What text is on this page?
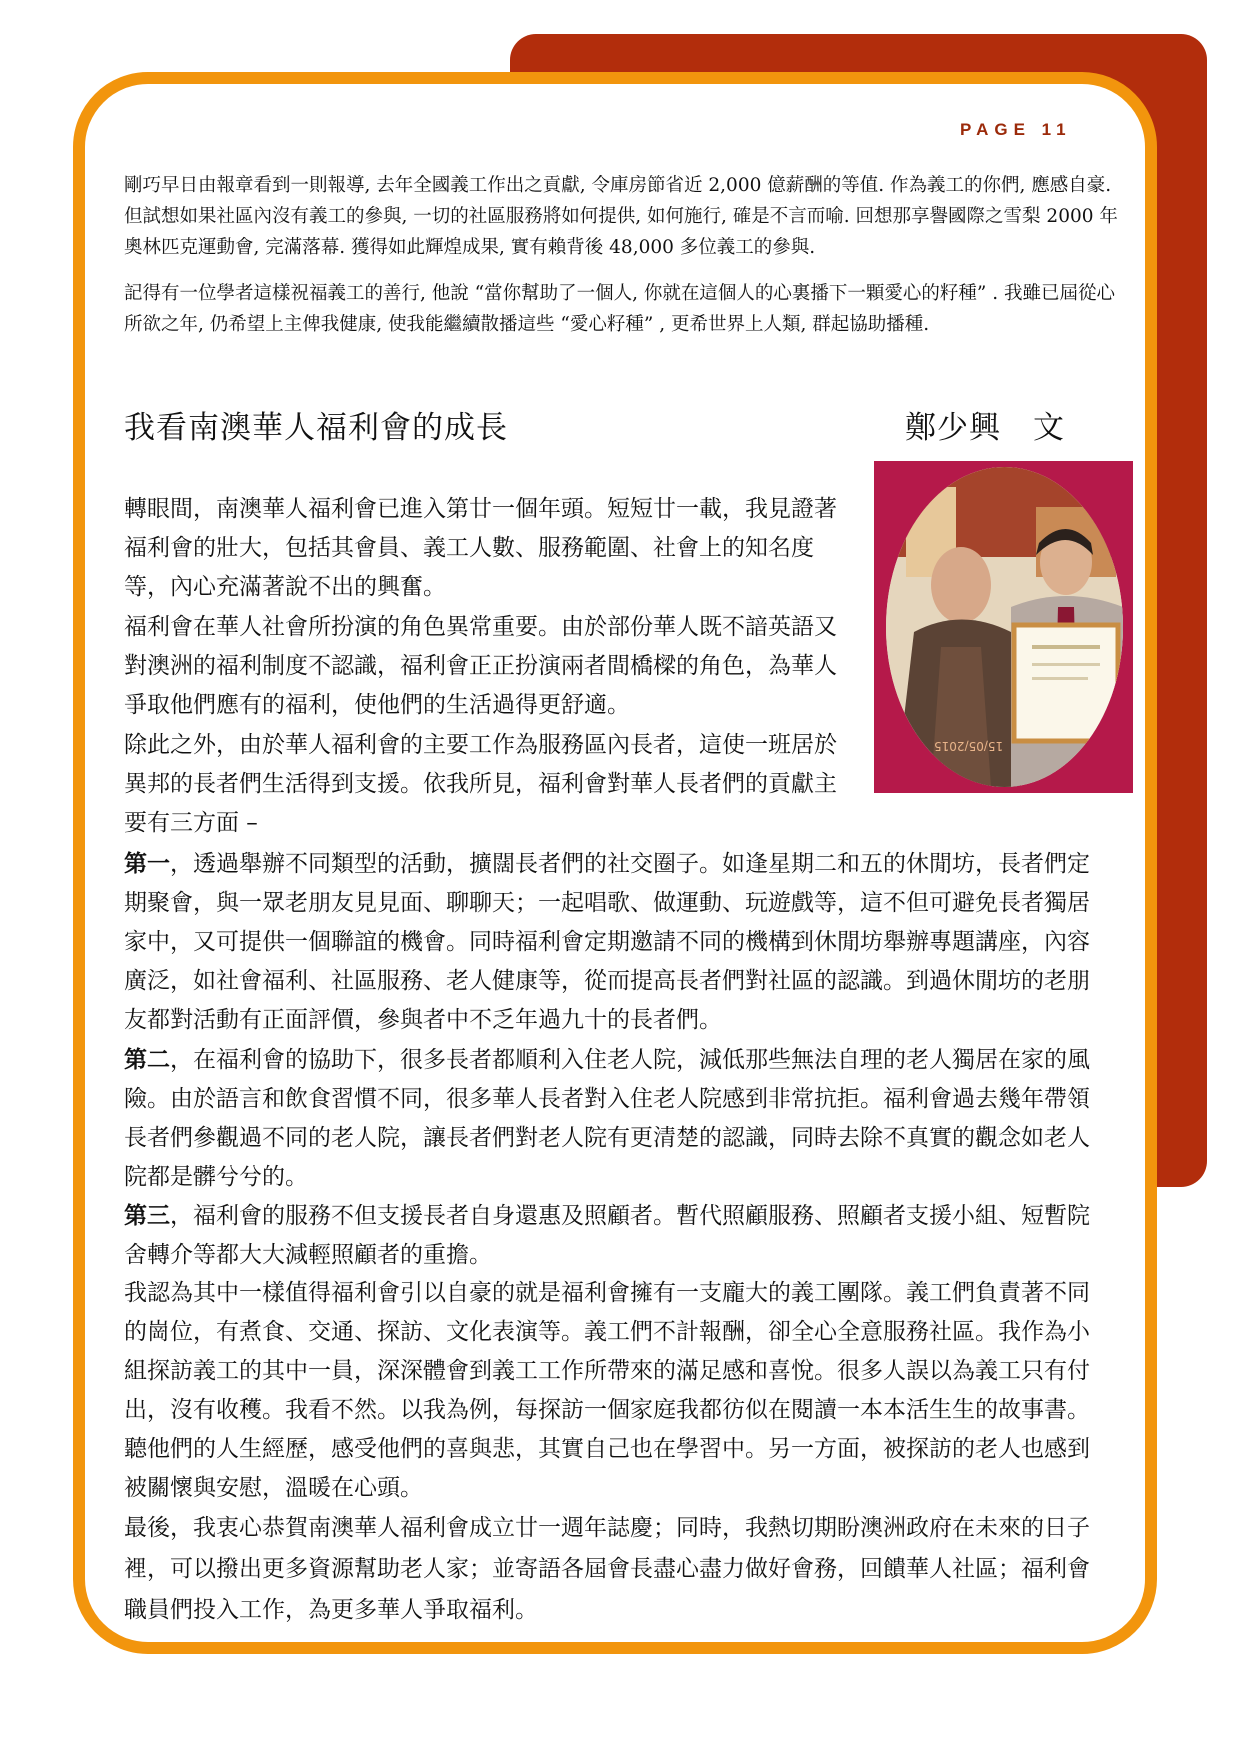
PAGE 11

剛巧早日由報章看到一則報導, 去年全國義工作出之貢獻, 令庫房節省近 2,000 億薪酬的等值. 作為義工的你們, 應感自豪. 但試想如果社區內沒有義工的參與, 一切的社區服務將如何提供, 如何施行, 確是不言而喻. 回想那享譽國際之雪梨 2000 年奧林匹克運動會, 完滿落幕. 獲得如此輝煌成果, 實有賴背後 48,000 多位義工的參與.

記得有一位學者這樣祝福義工的善行, 他說 “當你幫助了一個人, 你就在這個人的心裏播下一顆愛心的籽種” . 我雖已屆從心所欲之年, 仍希望上主俾我健康, 使我能繼續散播這些 “愛心籽種” , 更希世界上人類, 群起協助播種.

我看南澳華人福利會的成長	鄭少興　文
15/05/2015

轉眼間，南澳華人福利會已進入第廿一個年頭。短短廿一載，我見證著福利會的壯大，包括其會員、義工人數、服務範圍、社會上的知名度等，內心充滿著說不出的興奮。

福利會在華人社會所扮演的角色異常重要。由於部份華人既不諳英語又對澳洲的福利制度不認識，福利會正正扮演兩者間橋樑的角色，為華人爭取他們應有的福利，使他們的生活過得更舒適。

除此之外，由於華人福利會的主要工作為服務區內長者，這使一班居於異邦的長者們生活得到支援。依我所見，福利會對華人長者們的貢獻主要有三方面 –

第一，透過舉辦不同類型的活動，擴闊長者們的社交圈子。如逢星期二和五的休閒坊，長者們定期聚會，與一眾老朋友見見面、聊聊天；一起唱歌、做運動、玩遊戲等，這不但可避免長者獨居家中，又可提供一個聯誼的機會。同時福利會定期邀請不同的機構到休閒坊舉辦專題講座，內容廣泛，如社會福利、社區服務、老人健康等，從而提高長者們對社區的認識。到過休閒坊的老朋友都對活動有正面評價，參與者中不乏年過九十的長者們。

第二，在福利會的協助下，很多長者都順利入住老人院，減低那些無法自理的老人獨居在家的風險。由於語言和飲食習慣不同，很多華人長者對入住老人院感到非常抗拒。福利會過去幾年帶領長者們參觀過不同的老人院，讓長者們對老人院有更清楚的認識，同時去除不真實的觀念如老人院都是髒兮兮的。

第三，福利會的服務不但支援長者自身還惠及照顧者。暫代照顧服務、照顧者支援小組、短暫院舍轉介等都大大減輕照顧者的重擔。

我認為其中一樣值得福利會引以自豪的就是福利會擁有一支龐大的義工團隊。義工們負責著不同的崗位，有煮食、交通、探訪、文化表演等。義工們不計報酬，卻全心全意服務社區。我作為小組探訪義工的其中一員，深深體會到義工工作所帶來的滿足感和喜悅。很多人誤以為義工只有付出，沒有收穫。我看不然。以我為例，每探訪一個家庭我都彷似在閱讀一本本活生生的故事書。聽他們的人生經歷，感受他們的喜與悲，其實自己也在學習中。另一方面，被探訪的老人也感到被關懷與安慰，溫暖在心頭。

最後，我衷心恭賀南澳華人福利會成立廿一週年誌慶；同時，我熱切期盼澳洲政府在未來的日子裡，可以撥出更多資源幫助老人家；並寄語各屆會長盡心盡力做好會務，回饋華人社區；福利會職員們投入工作，為更多華人爭取福利。
